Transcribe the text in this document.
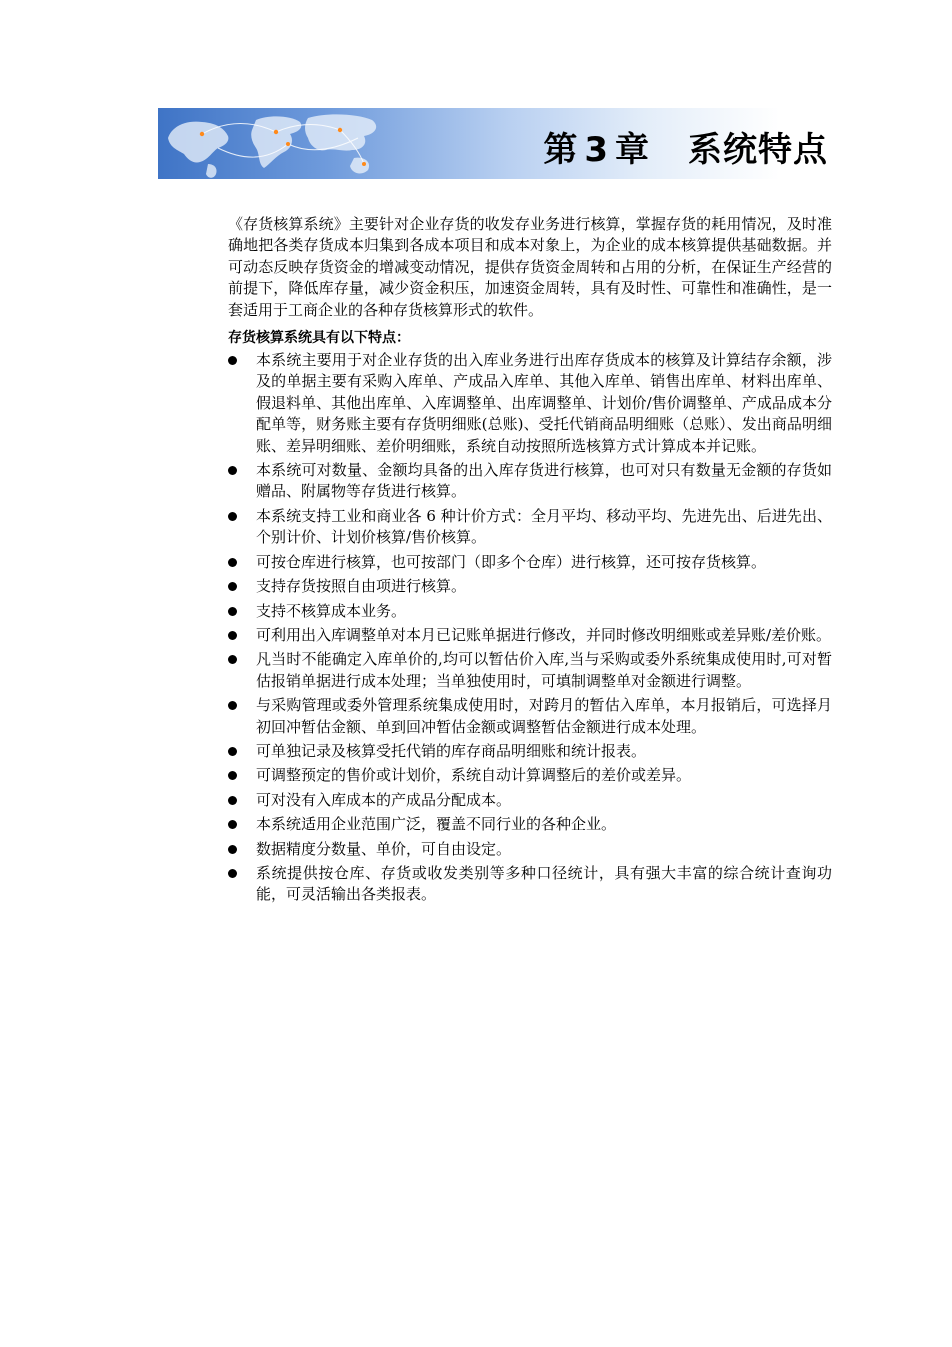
第 3 章 系统特点

《存货核算系统》主要针对企业存货的收发存业务进行核算，掌握存货的耗用情况，及时准确地把各类存货成本归集到各成本项目和成本对象上，为企业的成本核算提供基础数据。并可动态反映存货资金的增减变动情况，提供存货资金周转和占用的分析，在保证生产经营的前提下，降低库存量，减少资金积压，加速资金周转，具有及时性、可靠性和准确性，是一套适用于工商企业的各种存货核算形式的软件。

存货核算系统具有以下特点：
本系统主要用于对企业存货的出入库业务进行出库存货成本的核算及计算结存余额，涉及的单据主要有采购入库单、产成品入库单、其他入库单、销售出库单、材料出库单、假退料单、其他出库单、入库调整单、出库调整单、计划价/售价调整单、产成品成本分配单等，财务账主要有存货明细账(总账)、受托代销商品明细账（总账）、发出商品明细账、差异明细账、差价明细账，系统自动按照所选核算方式计算成本并记账。
本系统可对数量、金额均具备的出入库存货进行核算，也可对只有数量无金额的存货如赠品、附属物等存货进行核算。
本系统支持工业和商业各 6 种计价方式：全月平均、移动平均、先进先出、后进先出、个别计价、计划价核算/售价核算。
可按仓库进行核算，也可按部门（即多个仓库）进行核算，还可按存货核算。
支持存货按照自由项进行核算。
支持不核算成本业务。
可利用出入库调整单对本月已记账单据进行修改，并同时修改明细账或差异账/差价账。
凡当时不能确定入库单价的,均可以暂估价入库,当与采购或委外系统集成使用时,可对暂估报销单据进行成本处理；当单独使用时，可填制调整单对金额进行调整。
与采购管理或委外管理系统集成使用时，对跨月的暂估入库单，本月报销后，可选择月初回冲暂估金额、单到回冲暂估金额或调整暂估金额进行成本处理。
可单独记录及核算受托代销的库存商品明细账和统计报表。
可调整预定的售价或计划价，系统自动计算调整后的差价或差异。
可对没有入库成本的产成品分配成本。
本系统适用企业范围广泛，覆盖不同行业的各种企业。
数据精度分数量、单价，可自由设定。
系统提供按仓库、存货或收发类别等多种口径统计，具有强大丰富的综合统计查询功能，可灵活输出各类报表。
